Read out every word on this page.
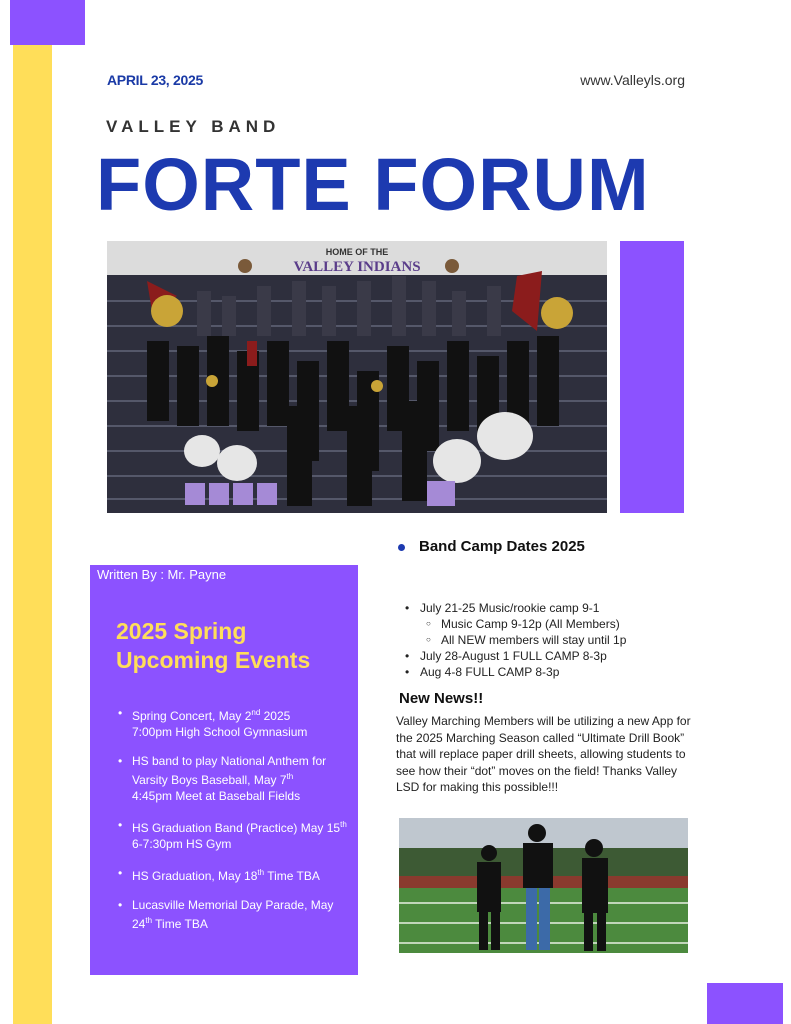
APRIL 23, 2025	www.Valleyls.org
VALLEY BAND
FORTE FORUM
HOME OF THE
VALLEY INDIANS
Written By : Mr. Payne
2025 Spring Upcoming Events
• Spring Concert, May 2nd 2025
7:00pm High School Gymnasium
• HS band to play National Anthem for Varsity Boys Baseball, May 7th
4:45pm Meet at Baseball Fields
• HS Graduation Band (Practice) May 15th 6-7:30pm HS Gym
• HS Graduation, May 18th Time TBA
• Lucasville Memorial Day Parade, May 24th Time TBA
Band Camp Dates 2025
• July 21-25 Music/rookie camp 9-1
○ Music Camp 9-12p (All Members)
○ All NEW members will stay until 1p
• July 28-August 1 FULL CAMP 8-3p
• Aug 4-8 FULL CAMP 8-3p
New News!!
Valley Marching Members will be utilizing a new App for the 2025 Marching Season called “Ultimate Drill Book” that will replace paper drill sheets, allowing students to see how their “dot” moves on the field! Thanks Valley LSD for making this possible!!!
